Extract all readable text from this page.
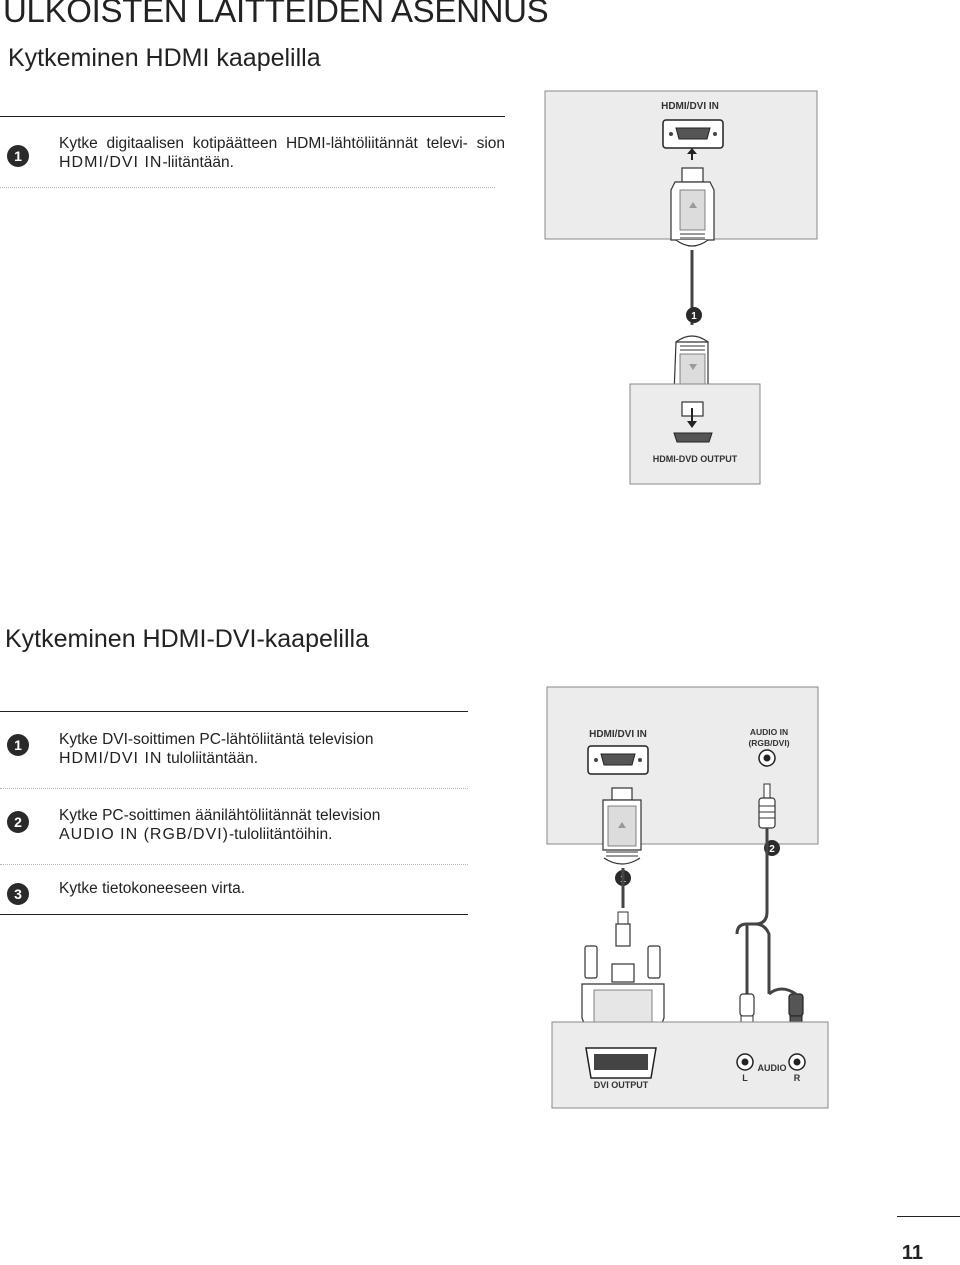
ULKOISTEN LAITTEIDEN ASENNUS
Kytkeminen HDMI kaapelilla
1
Kytke digitaalisen kotipäätteen HDMI-lähtöliitännät televi- sion HDMI/DVI IN-liitäntään.
HDMI/DVI IN
1
HDMI-DVD OUTPUT
Kytkeminen HDMI-DVI-kaapelilla
1	Kytke DVI-soittimen PC-lähtöliitäntä television
HDMI/DVI IN tuloliitäntään.
2	Kytke PC-soittimen äänilähtöliitännät television
AUDIO IN (RGB/DVI)-tuloliitäntöihin.
3	Kytke tietokoneeseen virta.
HDMI/DVI IN	AUDIO IN
(RGB/DVI)
2
1
DVI OUTPUT
AUDIO
L	R
11
